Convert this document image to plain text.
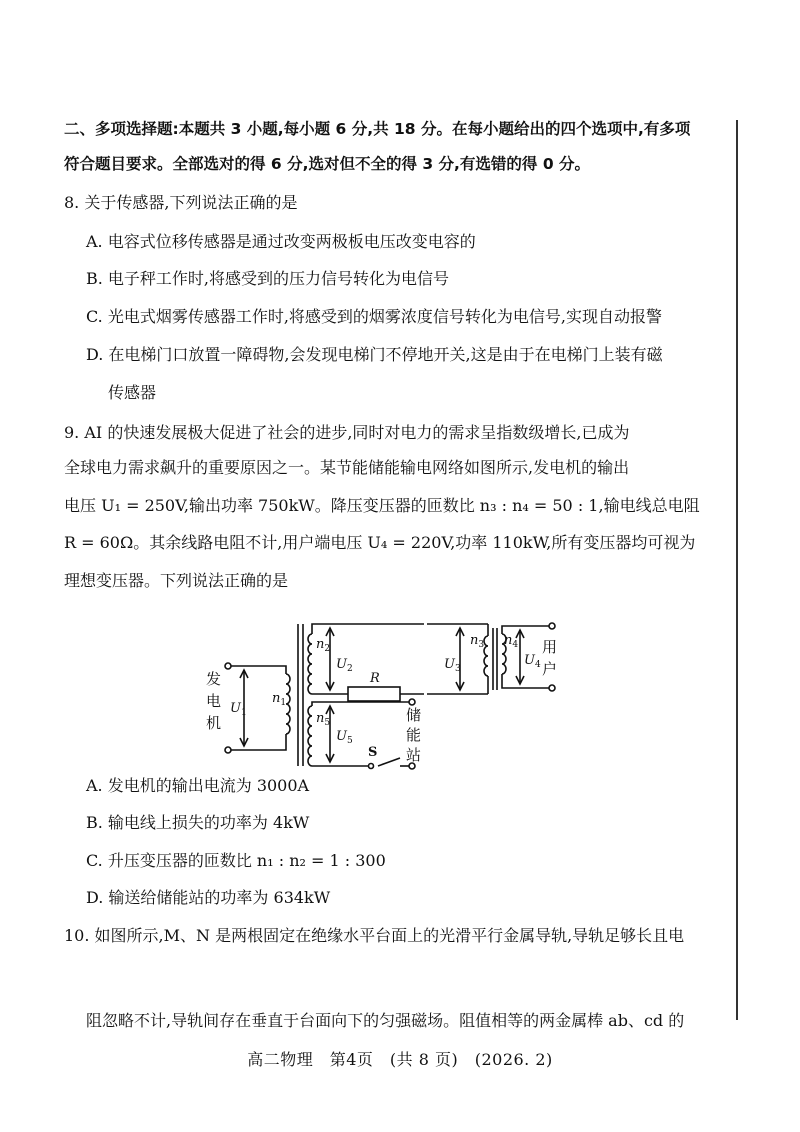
二、多项选择题:本题共 3 小题,每小题 6 分,共 18 分。在每小题给出的四个选项中,有多项
符合题目要求。全部选对的得 6 分,选对但不全的得 3 分,有选错的得 0 分。
8. 关于传感器,下列说法正确的是
A. 电容式位移传感器是通过改变两极板电压改变电容的
B. 电子秤工作时,将感受到的压力信号转化为电信号
C. 光电式烟雾传感器工作时,将感受到的烟雾浓度信号转化为电信号,实现自动报警
D. 在电梯门口放置一障碍物,会发现电梯门不停地开关,这是由于在电梯门上装有磁
传感器
9. AI 的快速发展极大促进了社会的进步,同时对电力的需求呈指数级增长,已成为
全球电力需求飙升的重要原因之一。某节能储能输电网络如图所示,发电机的输出
电压 U₁ = 250V,输出功率 750kW。降压变压器的匝数比 n₃ : n₄ = 50 : 1,输电线总电阻
R = 60Ω。其余线路电阻不计,用户端电压 U₄ = 220V,功率 110kW,所有变压器均可视为
理想变压器。下列说法正确的是
发
电
机
用
户
储
能
站
$U_1$
$n_1$
$n_2$
$U_2$
R
$U_3$
$n_3$ $n_4$
$U_4$
$n_5$
$U_5$
S
A. 发电机的输出电流为 3000A
B. 输电线上损失的功率为 4kW
C. 升压变压器的匝数比 n₁ : n₂ = 1 : 300
D. 输送给储能站的功率为 634kW
10. 如图所示,M、N 是两根固定在绝缘水平台面上的光滑平行金属导轨,导轨足够长且电
阻忽略不计,导轨间存在垂直于台面向下的匀强磁场。阻值相等的两金属棒 ab、cd 的
高二物理　第4页　(共 8 页)　(2026. 2)
